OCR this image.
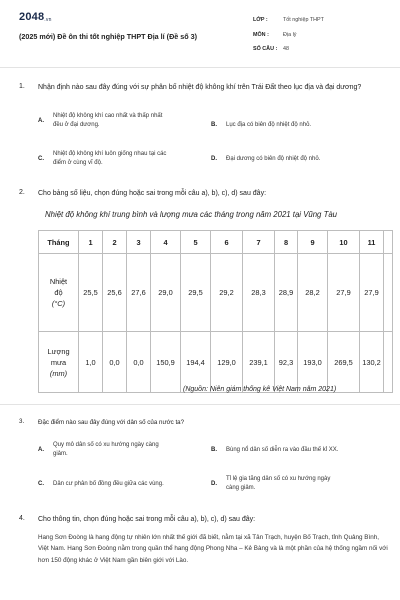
2048.vn
(2025 mới) Đề ôn thi tốt nghiệp THPT Địa lí (Đề số 3)
LỚP :	Tốt nghiệp THPT
MÔN :	Địa lý
SỐ CÂU : 48
1. Nhận định nào sau đây đúng với sự phân bố nhiệt độ không khí trên Trái Đất theo lục địa và đại dương?
A.
Nhiệt độ không khí cao nhất và thấp nhất
đều ở đại dương.	B. Lục địa có biên độ nhiệt độ nhỏ.
C.
Nhiệt độ không khí luôn giống nhau tại các
điểm ở cùng vĩ độ.
D. Đại dương có biên độ nhiệt độ nhỏ.
2. Cho bảng số liệu, chọn đúng hoặc sai trong mỗi câu a), b), c), d) sau đây:
Nhiệt độ không khí trung bình và lượng mưa các tháng trong năm 2021 tại Vũng Tàu
Tháng	1	2	3	4	5	6	7	8	9	10	11	
Nhiệt
độ
(°C)	25,5	25,6	27,6	29,0	29,5	29,2	28,3	28,9	28,2	27,9	27,9	
Lượng
mưa
(mm)	1,0	0,0	0,0	150,9	194,4	129,0	239,1	92,3	193,0	269,5	130,2	
(Nguồn: Niên giám thống kê Việt Nam năm 2021)
3. Đặc điểm nào sau đây đúng với dân số của nước ta?
A.
Quy mô dân số có xu hướng ngày càng
giảm.
B. Bùng nổ dân số diễn ra vào đầu thế kỉ XX.
C. Dân cư phân bố đồng đều giữa các vùng.	D.
Tỉ lệ gia tăng dân số có xu hướng ngày
càng giảm.
4. Cho thông tin, chọn đúng hoặc sai trong mỗi câu a), b), c), d) sau đây:
Hang Sơn Đoòng là hang động tự nhiên lớn nhất thế giới đã biết, nằm tại xã Tân Trạch, huyện Bố Trạch, tỉnh Quảng Bình, Việt Nam. Hang Sơn Đoòng nằm trong quần thể hang động Phong Nha – Kẻ Bàng và là một phần của hệ thống ngầm nối với hơn 150 động khác ở Việt Nam gần biên giới với Lào.
